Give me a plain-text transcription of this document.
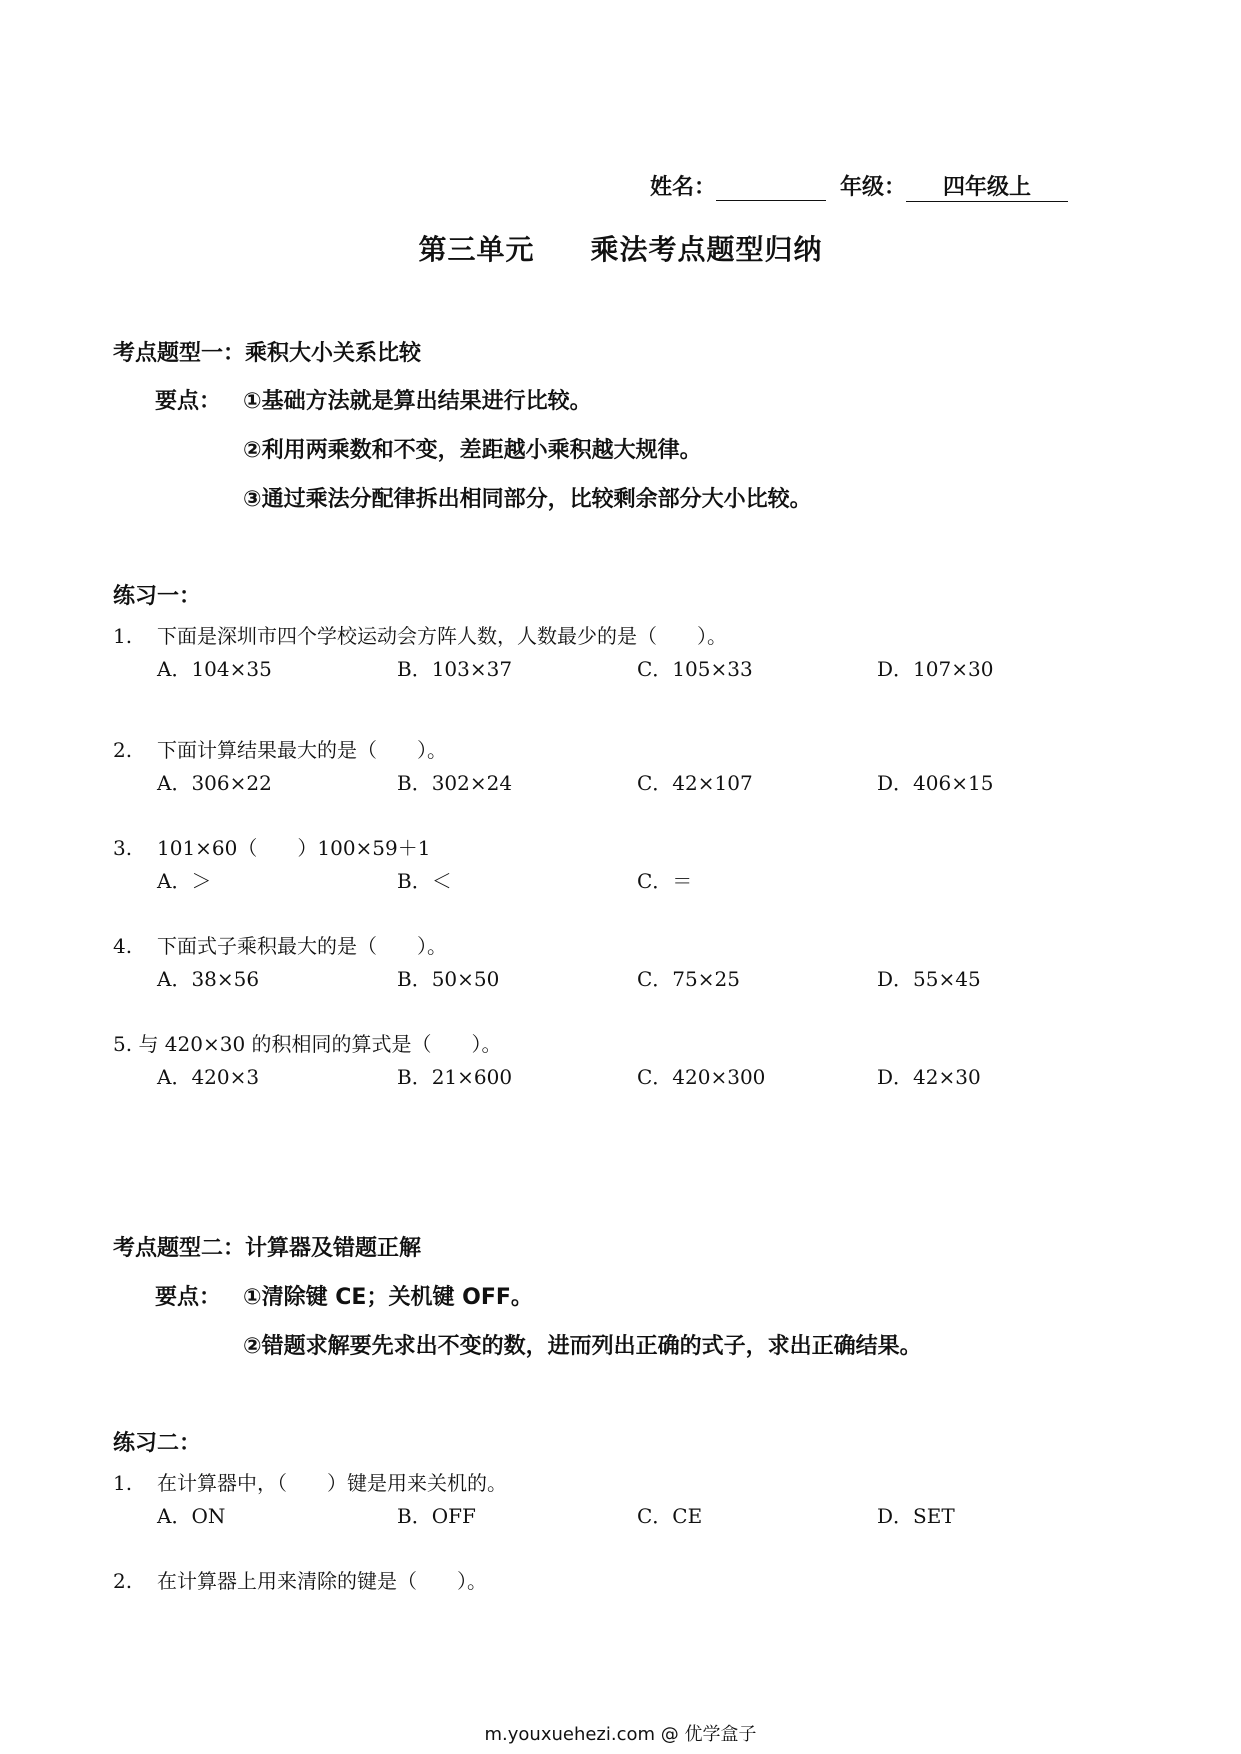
姓名：
	年级：	四年级上
第三单元 乘法考点题型归纳
考点题型一：乘积大小关系比较
要点： ①基础方法就是算出结果进行比较。
②利用两乘数和不变，差距越小乘积越大规律。
③通过乘法分配律拆出相同部分，比较剩余部分大小比较。
练习一：
1. 下面是深圳市四个学校运动会方阵人数，人数最少的是（　　）。
A．104×35	B．103×37	C．105×33	D．107×30
2. 下面计算结果最大的是（　　）。
A．306×22	B．302×24	C．42×107	D．406×15
3. 101×60（　　）100×59＋1
A．＞	B．＜	C．＝
4. 下面式子乘积最大的是（　　）。
A．38×56	B．50×50	C．75×25	D．55×45
5. 与 420×30 的积相同的算式是（　　）。
A．420×3	B．21×600	C．420×300	D．42×30
考点题型二：计算器及错题正解
要点： ①清除键 CE；关机键 OFF。
②错题求解要先求出不变的数，进而列出正确的式子，求出正确结果。
练习二：
1. 在计算器中，（　　）键是用来关机的。
A．ON	B．OFF	C．CE	D．SET
2. 在计算器上用来清除的键是（　　）。
m.youxuehezi.com @ 优学盒子
